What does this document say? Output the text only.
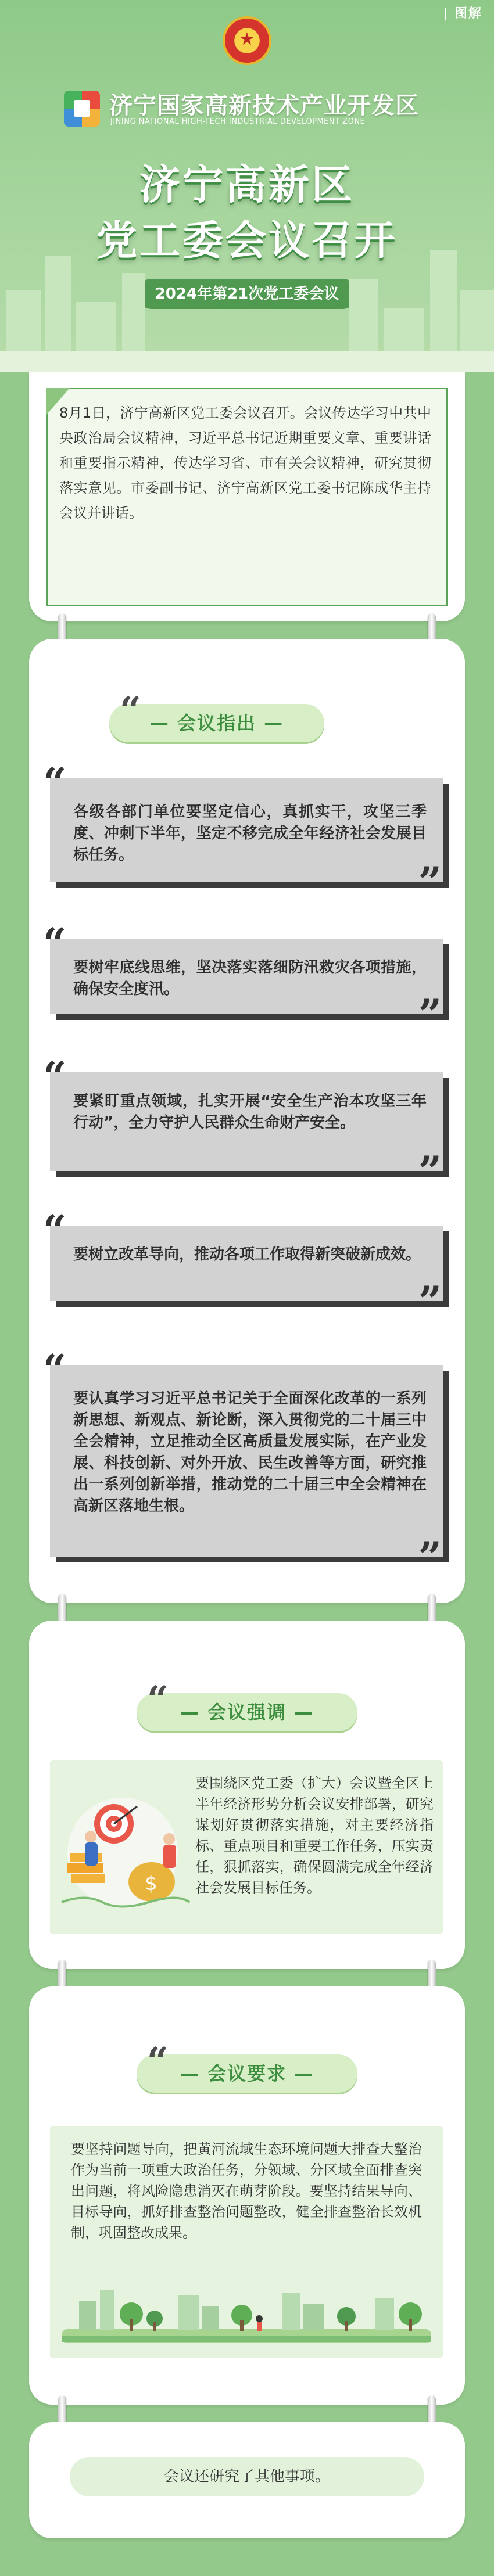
| 图解
★
济宁国家高新技术产业开发区
JINING NATIONAL HIGH-TECH INDUSTRIAL DEVELOPMENT ZONE
济宁高新区
党工委会议召开
2024年第21次党工委会议
8月1日，济宁高新区党工委会议召开。会议传达学习中共中央政治局会议精神，习近平总书记近期重要文章、重要讲话和重要指示精神，传达学习省、市有关会议精神，研究贯彻落实意见。市委副书记、济宁高新区党工委书记陈成华主持会议并讲话。
“ — 会议指出 —
“
各级各部门单位要坚定信心，真抓实干，攻坚三季度、冲刺下半年，坚定不移完成全年经济社会发展目标任务。
”
“
要树牢底线思维，坚决落实落细防汛救灾各项措施，确保安全度汛。
”
“
要紧盯重点领域，扎实开展“安全生产治本攻坚三年行动”，全力守护人民群众生命财产安全。
”
“
要树立改革导向，推动各项工作取得新突破新成效。
”
“
要认真学习习近平总书记关于全面深化改革的一系列新思想、新观点、新论断，深入贯彻党的二十届三中全会精神，立足推动全区高质量发展实际，在产业发展、科技创新、对外开放、民生改善等方面，研究推出一系列创新举措，推动党的二十届三中全会精神在高新区落地生根。
”
“ — 会议强调 —
$
要围绕区党工委（扩大）会议暨全区上半年经济形势分析会议安排部署，研究谋划好贯彻落实措施，对主要经济指标、重点项目和重要工作任务，压实责任，狠抓落实，确保圆满完成全年经济社会发展目标任务。
“ — 会议要求 —
要坚持问题导向，把黄河流域生态环境问题大排查大整治作为当前一项重大政治任务，分领域、分区域全面排查突出问题，将风险隐患消灭在萌芽阶段。要坚持结果导向、目标导向，抓好排查整治问题整改，健全排查整治长效机制，巩固整改成果。
会议还研究了其他事项。
